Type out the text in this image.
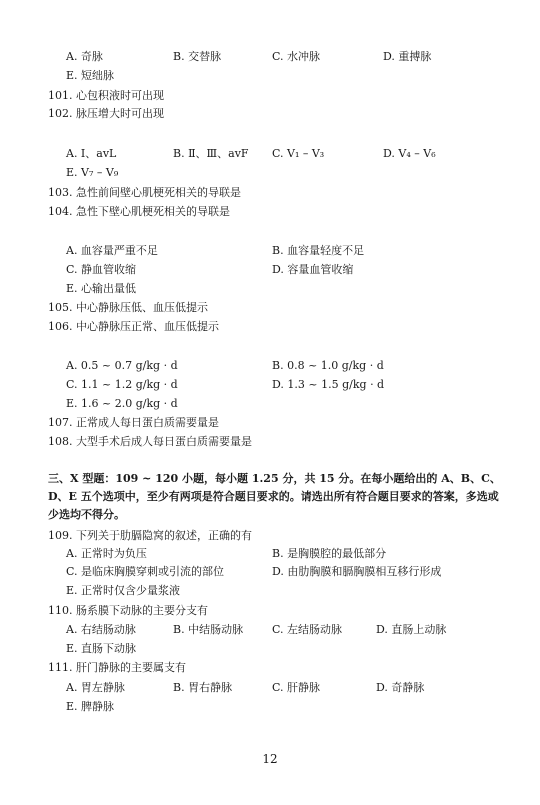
三、X 型题：109 ~ 120 小题，每小题 1.25 分，共 15 分。在每小题给出的 A、B、C、D、E 五个选项中，至少有两项是符合题目要求的。请选出所有符合题目要求的答案，多选或少选均不得分。
12
A. 奇脉	B. 交替脉	C. 水冲脉	D. 重搏脉
E. 短绌脉
101. 心包积液时可出现
102. 脉压增大时可出现
A. Ⅰ、avL	B. Ⅱ、Ⅲ、avF C. V₁ – V₃	D. V₄ – V₆
E. V₇ – V₉
103. 急性前间壁心肌梗死相关的导联是
104. 急性下壁心肌梗死相关的导联是
A. 血容量严重不足	B. 血容量轻度不足
C. 静血管收缩	D. 容量血管收缩
E. 心输出量低
105. 中心静脉压低、血压低提示
106. 中心静脉压正常、血压低提示
A. 0.5 ~ 0.7 g/kg · d	B. 0.8 ~ 1.0 g/kg · d
C. 1.1 ~ 1.2 g/kg · d	D. 1.3 ~ 1.5 g/kg · d
E. 1.6 ~ 2.0 g/kg · d
107. 正常成人每日蛋白质需要量是
108. 大型手术后成人每日蛋白质需要量是
109. 下列关于肋膈隐窝的叙述，正确的有
A. 正常时为负压	B. 是胸膜腔的最低部分
C. 是临床胸膜穿刺或引流的部位	D. 由肋胸膜和膈胸膜相互移行形成
E. 正常时仅含少量浆液
110. 肠系膜下动脉的主要分支有
A. 右结肠动脉	B. 中结肠动脉	C. 左结肠动脉	D. 直肠上动脉
E. 直肠下动脉
111. 肝门静脉的主要属支有
A. 胃左静脉	B. 胃右静脉	C. 肝静脉	D. 奇静脉
E. 脾静脉
